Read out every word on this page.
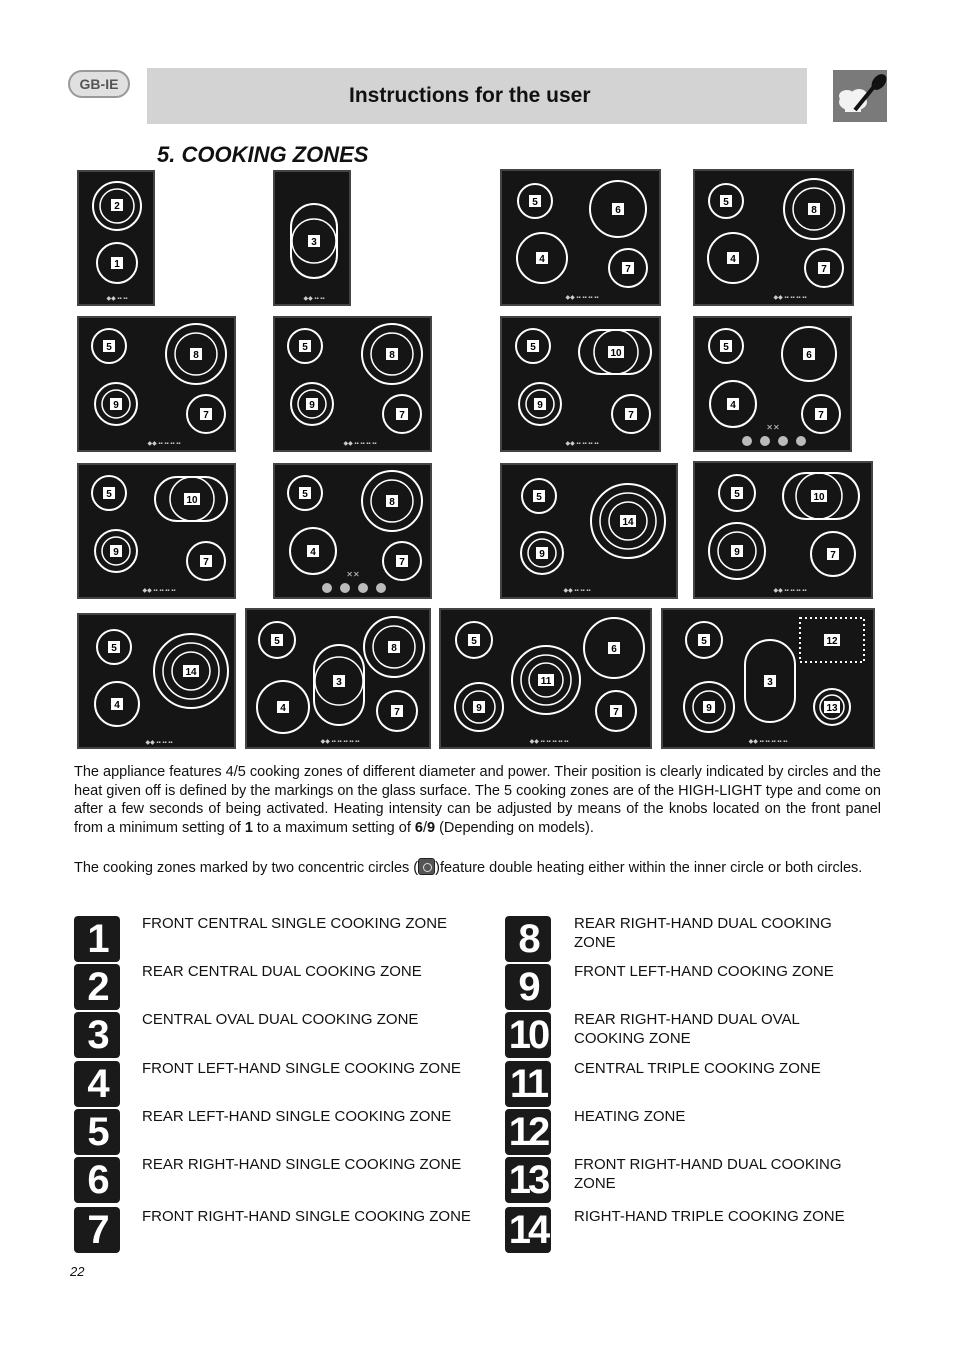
GB-IE	Instructions for the user
5. COOKING ZONES
2
1
◆◆ ▪▪ ▪▪
3
◆◆ ▪▪ ▪▪
5
6
4
7
◆◆ ▪▪ ▪▪ ▪▪ ▪▪
5
8
4
7
◆◆ ▪▪ ▪▪ ▪▪ ▪▪
5
8
9
7
◆◆ ▪▪ ▪▪ ▪▪ ▪▪
5
8
9
7
◆◆ ▪▪ ▪▪ ▪▪ ▪▪
5
10
9
7
◆◆ ▪▪ ▪▪ ▪▪ ▪▪
5
6
4
7
✕✕
5
10
9
7
◆◆ ▪▪ ▪▪ ▪▪ ▪▪
5
8
4
7
✕✕
5
14
9
◆◆ ▪▪ ▪▪ ▪▪
5	10
9	7
◆◆ ▪▪ ▪▪ ▪▪ ▪▪
5
14
4
◆◆ ▪▪ ▪▪ ▪▪
5
8
3
4	7
◆◆ ▪▪ ▪▪ ▪▪ ▪▪ ▪▪
5
6
11
9	7
◆◆ ▪▪ ▪▪ ▪▪ ▪▪ ▪▪
5	12
3
9	13
◆◆ ▪▪ ▪▪ ▪▪ ▪▪ ▪▪
The appliance features 4/5 cooking zones of different diameter and power. Their position is clearly indicated by circles and the heat given off is defined by the markings on the glass surface. The 5 cooking zones are of the HIGH-LIGHT type and come on after a few seconds of being activated. Heating intensity can be adjusted by means of the knobs located on the front panel from a minimum setting of 1 to a maximum setting of 6/9 (Depending on models).
The cooking zones marked by two concentric circles ( )feature double heating either within the inner circle or both circles.
1	FRONT CENTRAL SINGLE COOKING ZONE
2	REAR CENTRAL DUAL COOKING ZONE
3	CENTRAL OVAL DUAL COOKING ZONE
4	FRONT LEFT-HAND SINGLE COOKING ZONE
5	REAR LEFT-HAND SINGLE COOKING ZONE
6	REAR RIGHT-HAND SINGLE COOKING ZONE
7	FRONT RIGHT-HAND SINGLE COOKING ZONE
8	REAR RIGHT-HAND DUAL COOKING ZONE
9	FRONT LEFT-HAND COOKING ZONE
10 REAR RIGHT-HAND DUAL OVAL COOKING ZONE
11	CENTRAL TRIPLE COOKING ZONE
12 HEATING ZONE
13 FRONT RIGHT-HAND DUAL COOKING ZONE
14 RIGHT-HAND TRIPLE COOKING ZONE
22
